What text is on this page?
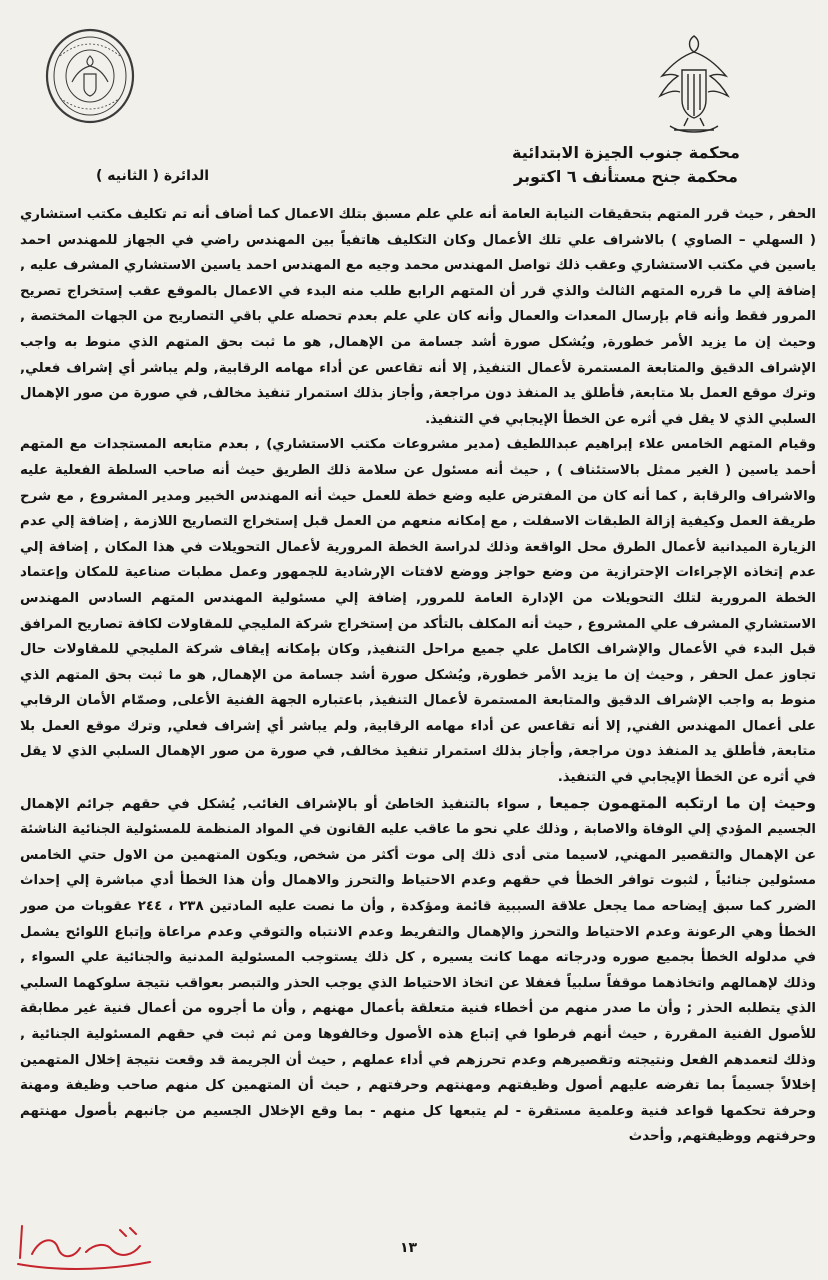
محكمة جنوب الجيزة الابتدائية

محكمة جنح مستأنف ٦ اكتوبر

الدائرة ( الثانيه )

الحفر , حيث قرر المتهم بتحقيقات النيابة العامة أنه علي علم مسبق بتلك الاعمال كما أضاف أنه تم تكليف مكتب استشاري ( السهلي – الصاوي ) بالاشراف علي تلك الأعمال وكان التكليف هاتفياً بين المهندس راضي في الجهاز للمهندس احمد ياسين في مكتب الاستشاري وعقب ذلك تواصل المهندس محمد وجيه مع المهندس احمد ياسين الاستشاري المشرف عليه , إضافة إلي ما قرره المتهم الثالث والذي قرر أن المتهم الرابع طلب منه البدء في الاعمال بالموقع عقب إستخراج تصريح المرور فقط وأنه قام بإرسال المعدات والعمال وأنه كان علي علم بعدم تحصله علي باقي التصاريح من الجهات المختصة , وحيث إن ما يزيد الأمر خطورة, ويُشكل صورة أشد جسامة من الإهمال, هو ما ثبت بحق المتهم الذي منوط به واجب الإشراف الدقيق والمتابعة المستمرة لأعمال التنفيذ, إلا أنه تقاعس عن أداء مهامه الرقابية, ولم يباشر أي إشراف فعلي, وترك موقع العمل بلا متابعة, فأطلق يد المنفذ دون مراجعة, وأجاز بذلك استمرار تنفيذ مخالف, في صورة من صور الإهمال السلبي الذي لا يقل في أثره عن الخطأ الإيجابي في التنفيذ.

وقيام المتهم الخامس علاء إبراهيم عبداللطيف (مدير مشروعات مكتب الاستشاري) , بعدم متابعه المستجدات مع المتهم أحمد ياسين ( الغير ممثل بالاستئناف ) , حيث أنه مسئول عن سلامة ذلك الطريق حيث أنه صاحب السلطة الفعلية عليه والاشراف والرقابة , كما أنه كان من المفترض عليه وضع خطة للعمل حيث أنه المهندس الخبير ومدير المشروع , مع شرح طريقة العمل وكيفية إزالة الطبقات الاسفلت , مع إمكانه منعهم من العمل قبل إستخراج التصاريح اللازمة , إضافة إلي عدم الزيارة الميدانية لأعمال الطرق محل الواقعة وذلك لدراسة الخطة المرورية لأعمال التحويلات في هذا المكان , إضافة إلي عدم إتخاذه الإجراءات الإحترازية من وضع حواجز ووضع لافتات الإرشادية للجمهور وعمل مطبات صناعية للمكان وإعتماد الخطة المرورية لتلك التحويلات من الإدارة العامة للمرور, إضافة إلي مسئولية المهندس المتهم السادس المهندس الاستشاري المشرف علي المشروع , حيث أنه المكلف بالتأكد من إستخراج شركة المليجي للمقاولات لكافة تصاريح المرافق قبل البدء في الأعمال والإشراف الكامل علي جميع مراحل التنفيذ, وكان بإمكانه إيقاف شركة المليجي للمقاولات حال تجاوز عمل الحفر , وحيث إن ما يزيد الأمر خطورة, ويُشكل صورة أشد جسامة من الإهمال, هو ما ثبت بحق المتهم الذي منوط به واجب الإشراف الدقيق والمتابعة المستمرة لأعمال التنفيذ, باعتباره الجهة الفنية الأعلى, وصمّام الأمان الرقابي على أعمال المهندس الفني, إلا أنه تقاعس عن أداء مهامه الرقابية, ولم يباشر أي إشراف فعلي, وترك موقع العمل بلا متابعة, فأطلق يد المنفذ دون مراجعة, وأجاز بذلك استمرار تنفيذ مخالف, في صورة من صور الإهمال السلبي الذي لا يقل في أثره عن الخطأ الإيجابي في التنفيذ.

وحيث إن ما ارتكبه المتهمون جميعا , سواء بالتنفيذ الخاطئ أو بالإشراف الغائب, يُشكل في حقهم جرائم الإهمال الجسيم المؤدي إلي الوفاة والاصابة , وذلك علي نحو ما عاقب عليه القانون في المواد المنظمة للمسئولية الجنائية الناشئة عن الإهمال والتقصير المهني, لاسيما متى أدى ذلك إلى موت أكثر من شخص, ويكون المتهمين من الاول حتي الخامس مسئولين جنائياً , لثبوت توافر الخطأ في حقهم وعدم الاحتياط والتحرز والاهمال وأن هذا الخطأ أدي مباشرة إلي إحداث الضرر كما سبق إيضاحه مما يجعل علاقة السببية قائمة ومؤكدة , وأن ما نصت عليه المادتين ٢٣٨ ، ٢٤٤ عقوبات من صور الخطأ وهي الرعونة وعدم الاحتياط والتحرز والإهمال والتفريط وعدم الانتباه والتوقي وعدم مراعاة وإتباع اللوائح يشمل في مدلوله الخطأ بجميع صوره ودرجاته مهما كانت يسيره , كل ذلك يستوجب المسئولية المدنية والجنائية علي السواء , وذلك لإهمالهم واتخاذهما موقفاً سلبياً فغفلا عن اتخاذ الاحتياط الذي يوجب الحذر والتبصر بعواقب نتيجة سلوكهما السلبي الذي يتطلبه الحذر ; وأن ما صدر منهم من أخطاء فنية متعلقة بأعمال مهنهم , وأن ما أجروه من أعمال فنية غير مطابقة للأصول الفنية المقررة , حيث أنهم فرطوا في إتباع هذه الأصول وخالفوها ومن ثم ثبت في حقهم المسئولية الجنائية , وذلك لتعمدهم الفعل ونتيجته وتقصيرهم وعدم تحرزهم في أداء عملهم , حيث أن الجريمة قد وقعت نتيجة إخلال المتهمين إخلالاً جسيماً بما تفرضه عليهم أصول وظيفتهم ومهنتهم وحرفتهم , حيث أن المتهمين كل منهم صاحب وظيفة ومهنة وحرفة تحكمها قواعد فنية وعلمية مستقرة - لم يتبعها كل منهم - بما وقع الإخلال الجسيم من جانبهم بأصول مهنتهم وحرفتهم ووظيفتهم, وأحدث

١٣
